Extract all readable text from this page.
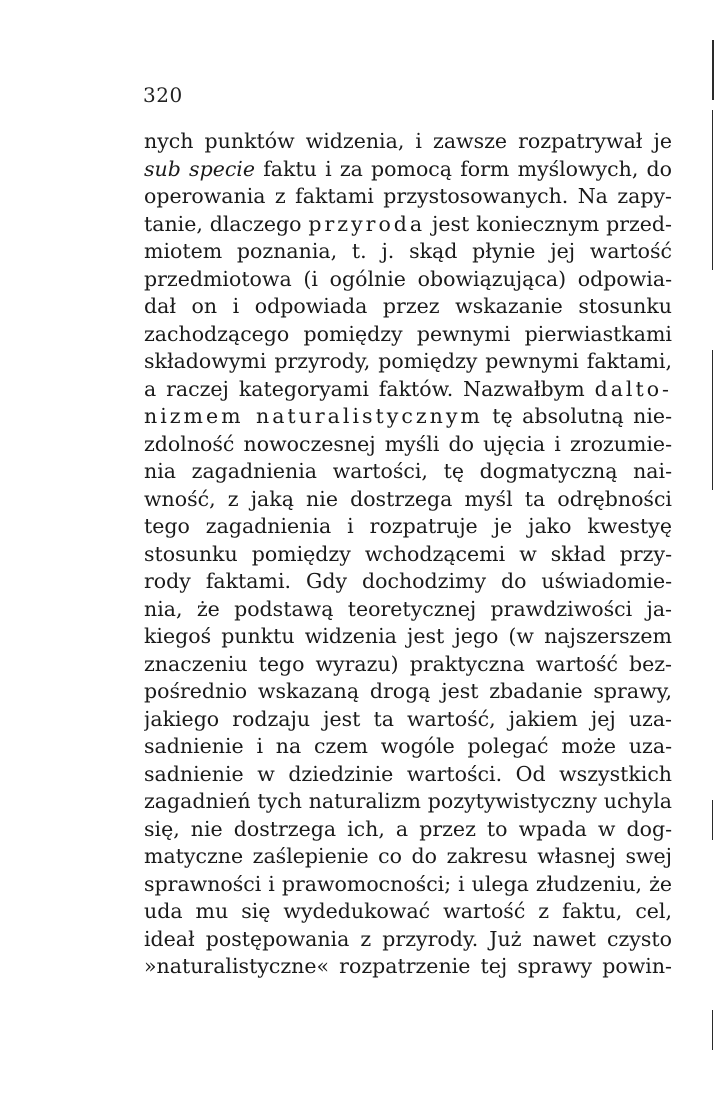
320
nych punktów widzenia, i zawsze rozpatrywał je
sub specie faktu i za pomocą form myślowych, do
operowania z faktami przystosowanych. Na zapy-
tanie, dlaczego przyroda jest koniecznym przed-
miotem poznania, t. j. skąd płynie jej wartość
przedmiotowa (i ogólnie obowiązująca) odpowia-
dał on i odpowiada przez wskazanie stosunku
zachodzącego pomiędzy pewnymi pierwiastkami
składowymi przyrody, pomiędzy pewnymi faktami,
a raczej kategoryami faktów. Nazwałbym dalto-
nizmem naturalistycznym tę absolutną nie-
zdolność nowoczesnej myśli do ujęcia i zrozumie-
nia zagadnienia wartości, tę dogmatyczną nai-
wność, z jaką nie dostrzega myśl ta odrębności
tego zagadnienia i rozpatruje je jako kwestyę
stosunku pomiędzy wchodzącemi w skład przy-
rody faktami. Gdy dochodzimy do uświadomie-
nia, że podstawą teoretycznej prawdziwości ja-
kiegoś punktu widzenia jest jego (w najszerszem
znaczeniu tego wyrazu) praktyczna wartość bez-
pośrednio wskazaną drogą jest zbadanie sprawy,
jakiego rodzaju jest ta wartość, jakiem jej uza-
sadnienie i na czem wogóle polegać może uza-
sadnienie w dziedzinie wartości. Od wszystkich
zagadnień tych naturalizm pozytywistyczny uchyla
się, nie dostrzega ich, a przez to wpada w dog-
matyczne zaślepienie co do zakresu własnej swej
sprawności i prawomocności; i ulega złudzeniu, że
uda mu się wydedukować wartość z faktu, cel,
ideał postępowania z przyrody. Już nawet czysto
»naturalistyczne« rozpatrzenie tej sprawy powin-
